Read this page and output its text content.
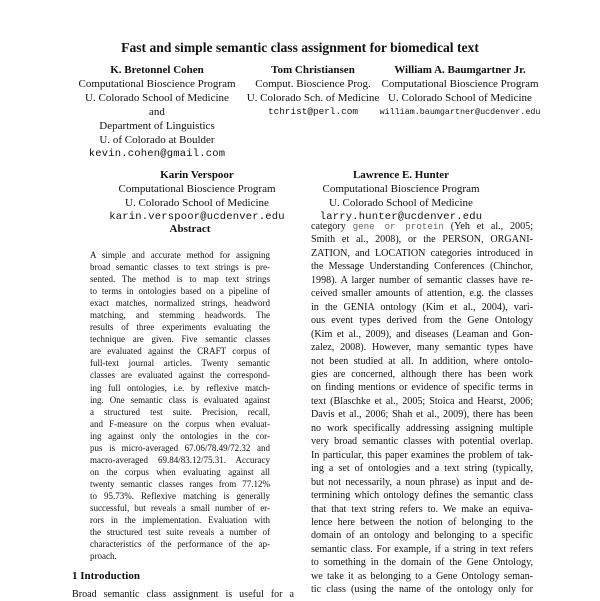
Fast and simple semantic class assignment for biomedical text
K. Bretonnel Cohen
Computational Bioscience Program
U. Colorado School of Medicine
and
Department of Linguistics
U. of Colorado at Boulder
kevin.cohen@gmail.com
Tom Christiansen
Comput. Bioscience Prog.
U. Colorado Sch. of Medicine
tchrist@perl.com
William A. Baumgartner Jr.
Computational Bioscience Program
U. Colorado School of Medicine
william.baumgartner@ucdenver.edu
Karin Verspoor
Computational Bioscience Program
U. Colorado School of Medicine
karin.verspoor@ucdenver.edu
Lawrence E. Hunter
Computational Bioscience Program
U. Colorado School of Medicine
larry.hunter@ucdenver.edu
Abstract
A simple and accurate method for assigning
broad semantic classes to text strings is pre-
sented. The method is to map text strings
to terms in ontologies based on a pipeline of
exact matches, normalized strings, headword
matching, and stemming headwords. The
results of three experiments evaluating the
technique are given. Five semantic classes
are evaluated against the CRAFT corpus of
full-text journal articles. Twenty semantic
classes are evaluated against the correspond-
ing full ontologies, i.e. by reflexive match-
ing. One semantic class is evaluated against
a structured test suite. Precision, recall,
and F-measure on the corpus when evaluat-
ing against only the ontologies in the cor-
pus is micro-averaged 67.06/78.49/72.32 and
macro-averaged 69.84/83.12/75.31. Accuracy
on the corpus when evaluating against all
twenty semantic classes ranges from 77.12%
to 95.73%. Reflexive matching is generally
successful, but reveals a small number of er-
rors in the implementation. Evaluation with
the structured test suite reveals a number of
characteristics of the performance of the ap-
proach.
1 Introduction
Broad semantic class assignment is useful for a
category gene or protein (Yeh et al., 2005;
Smith et al., 2008), or the PERSON, ORGANI-
ZATION, and LOCATION categories introduced in
the Message Understanding Conferences (Chinchor,
1998). A larger number of semantic classes have re-
ceived smaller amounts of attention, e.g. the classes
in the GENIA ontology (Kim et al., 2004), vari-
ous event types derived from the Gene Ontology
(Kim et al., 2009), and diseases (Leaman and Gon-
zalez, 2008). However, many semantic types have
not been studied at all. In addition, where ontolo-
gies are concerned, although there has been work
on finding mentions or evidence of specific terms in
text (Blaschke et al., 2005; Stoica and Hearst, 2006;
Davis et al., 2006; Shah et al., 2009), there has been
no work specifically addressing assigning multiple
very broad semantic classes with potential overlap.
In particular, this paper examines the problem of tak-
ing a set of ontologies and a text string (typically,
but not necessarily, a noun phrase) as input and de-
termining which ontology defines the semantic class
that that text string refers to. We make an equiva-
lence here between the notion of belonging to the
domain of an ontology and belonging to a specific
semantic class. For example, if a string in text refers
to something in the domain of the Gene Ontology,
we take it as belonging to a Gene Ontology seman-
tic class (using the name of the ontology only for
